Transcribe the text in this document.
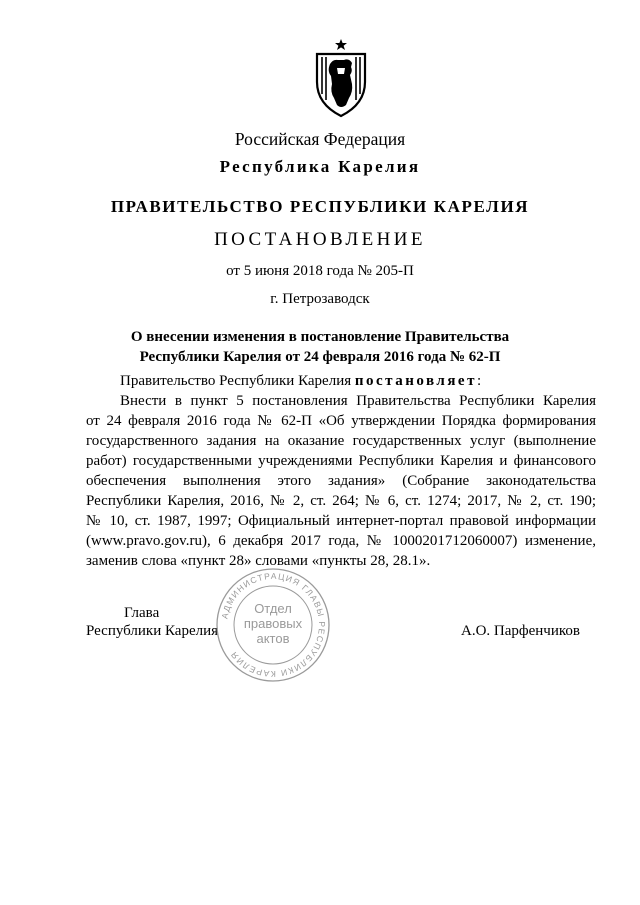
Российская Федерация
Республика Карелия
ПРАВИТЕЛЬСТВО РЕСПУБЛИКИ КАРЕЛИЯ
ПОСТАНОВЛЕНИЕ
от 5 июня 2018 года № 205-П
г. Петрозаводск
О внесении изменения в постановление Правительства
Республики Карелия от 24 февраля 2016 года № 62-П

Правительство Республики Карелия постановляет:

Внести в пункт 5 постановления Правительства Республики Карелия
от 24 февраля 2016 года № 62-П «Об утверждении Порядка формирования
государственного задания на оказание государственных услуг (выполнение
работ) государственными учреждениями Республики Карелия и финансового
обеспечения выполнения этого задания» (Собрание законодательства
Республики Карелия, 2016, № 2, ст. 264; № 6, ст. 1274; 2017, № 2, ст. 190;
№ 10, ст. 1987, 1997; Официальный интернет-портал правовой информации
(www.pravo.gov.ru), 6 декабря 2017 года, № 1000201712060007) изменение,
заменив слова «пункт 28» словами «пункты 28, 28.1».
Глава
Республики Карелия	А.О. Парфенчиков
АДМИНИСТРАЦИЯ ГЛАВЫ РЕСПУБЛИКИ КАРЕЛИЯ
Отдел
правовых
актов
